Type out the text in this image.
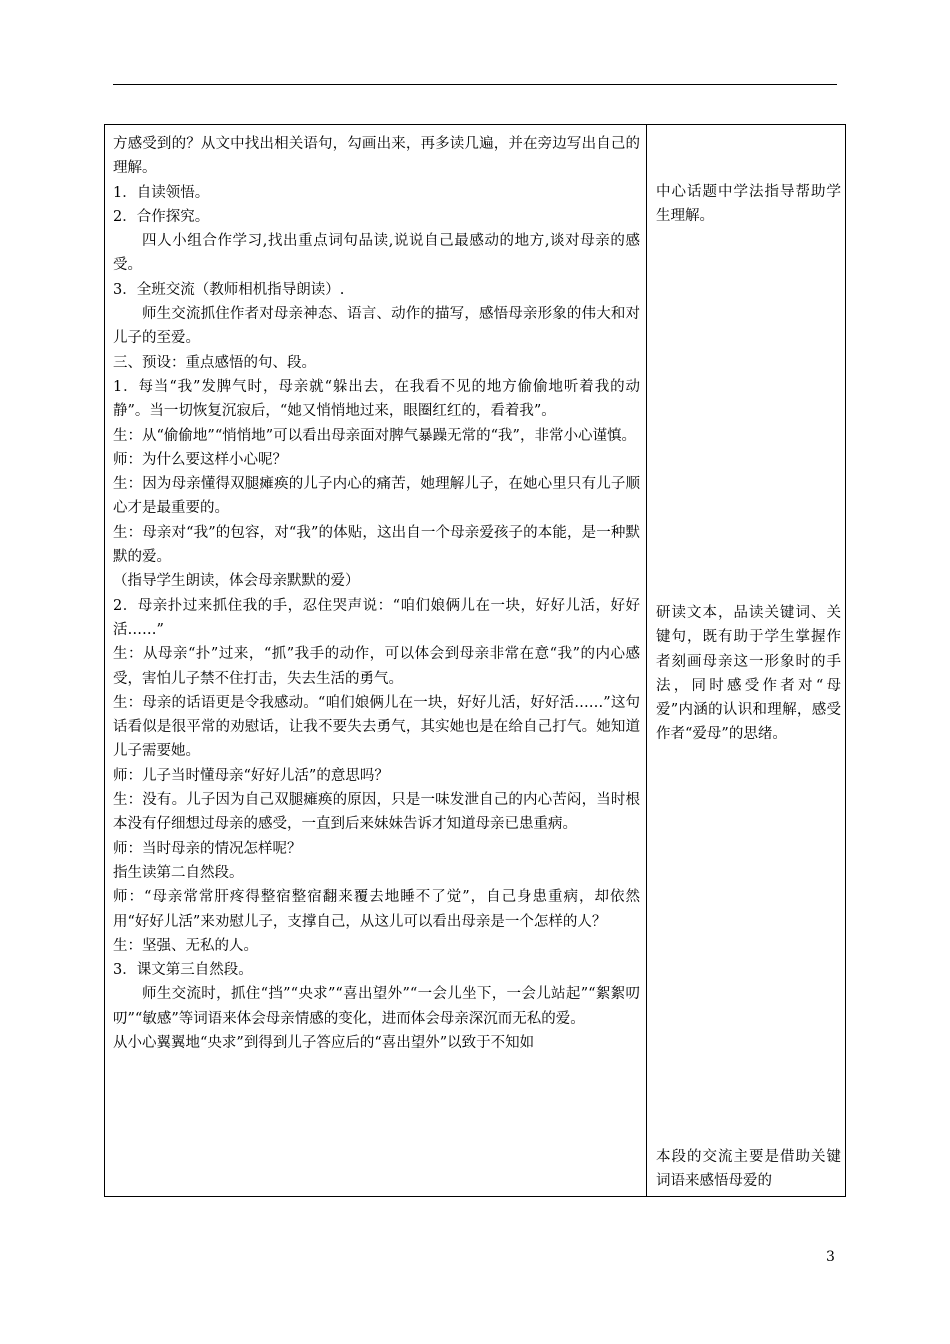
方感受到的？从文中找出相关语句，勾画出来，再多读几遍，并在旁边写出自己的理解。

1．自读领悟。

2．合作探究。

四人小组合作学习,找出重点词句品读,说说自己最感动的地方,谈对母亲的感受。

3．全班交流（教师相机指导朗读）.

师生交流抓住作者对母亲神态、语言、动作的描写，感悟母亲形象的伟大和对儿子的至爱。

三、预设：重点感悟的句、段。

1．每当“我”发脾气时，母亲就“躲出去，在我看不见的地方偷偷地听着我的动静”。当一切恢复沉寂后，“她又悄悄地过来，眼圈红红的，看着我”。

生：从“偷偷地”“悄悄地”可以看出母亲面对脾气暴躁无常的“我”，非常小心谨慎。

师：为什么要这样小心呢？

生：因为母亲懂得双腿瘫痪的儿子内心的痛苦，她理解儿子，在她心里只有儿子顺心才是最重要的。

生：母亲对“我”的包容，对“我”的体贴，这出自一个母亲爱孩子的本能，是一种默默的爱。

（指导学生朗读，体会母亲默默的爱）

2．母亲扑过来抓住我的手，忍住哭声说：“咱们娘俩儿在一块，好好儿活，好好活……”

生：从母亲“扑”过来，“抓”我手的动作，可以体会到母亲非常在意“我”的内心感受，害怕儿子禁不住打击，失去生活的勇气。

生：母亲的话语更是令我感动。“咱们娘俩儿在一块，好好儿活，好好活……”这句话看似是很平常的劝慰话，让我不要失去勇气，其实她也是在给自己打气。她知道儿子需要她。

师：儿子当时懂母亲“好好儿活”的意思吗？

生：没有。儿子因为自己双腿瘫痪的原因，只是一味发泄自己的内心苦闷，当时根本没有仔细想过母亲的感受，一直到后来妹妹告诉才知道母亲已患重病。

师：当时母亲的情况怎样呢？

指生读第二自然段。

师：“母亲常常肝疼得整宿整宿翻来覆去地睡不了觉”，自己身患重病，却依然用“好好儿活”来劝慰儿子，支撑自己，从这儿可以看出母亲是一个怎样的人？

生：坚强、无私的人。

3．课文第三自然段。

师生交流时，抓住“挡”“央求”“喜出望外”“一会儿坐下，一会儿站起”“絮絮叨叨”“敏感”等词语来体会母亲情感的变化，进而体会母亲深沉而无私的爱。

从小心翼翼地“央求”到得到儿子答应后的“喜出望外”以致于不知如

中心话题中学法指导帮助学生理解。

研读文本，品读关键词、关键句，既有助于学生掌握作者刻画母亲这一形象时的手法，同时感受作者对“母爱”内涵的认识和理解，感受作者“爱母”的思绪。

本段的交流主要是借助关键词语来感悟母爱的

3
